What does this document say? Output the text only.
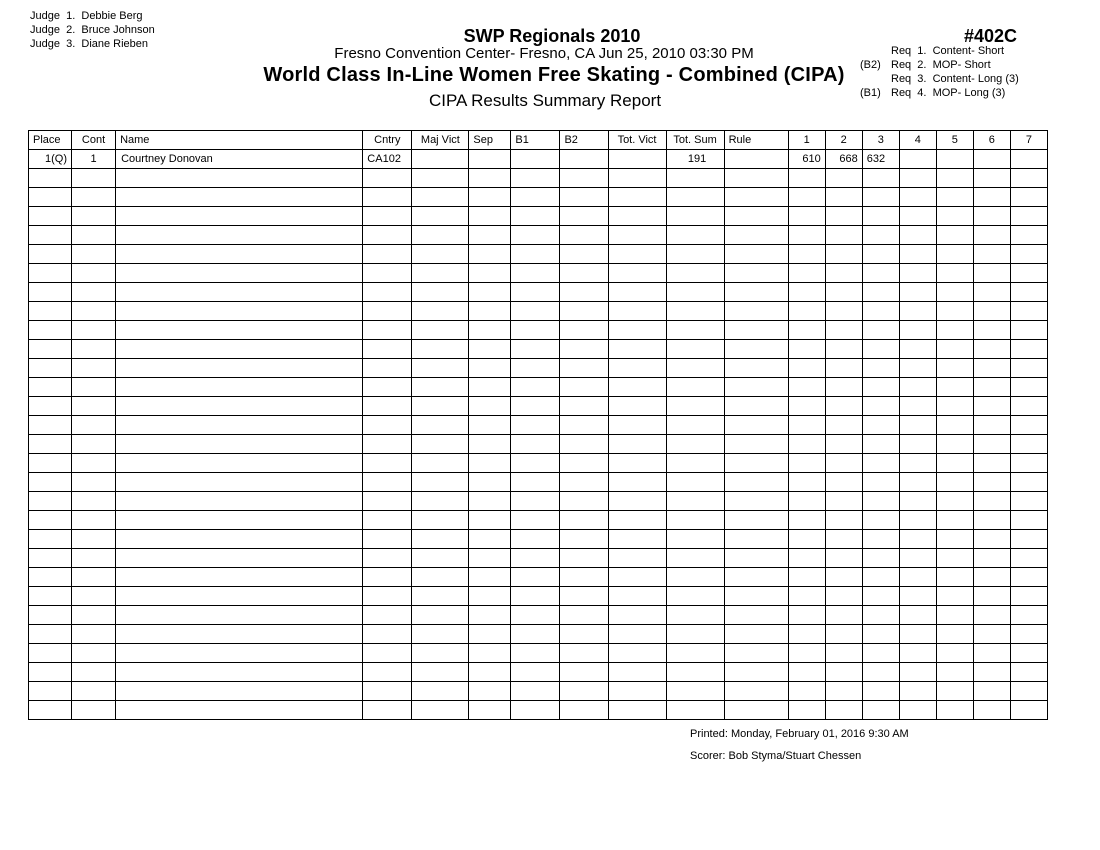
Judge  1.  Debbie Berg
Judge  2.  Bruce Johnson
Judge  3.  Diane Rieben	SWP Regionals 2010
Fresno Convention Center- Fresno, CA Jun 25, 2010 03:30 PM
World Class In-Line Women Free Skating - Combined (CIPA)
CIPA Results Summary Report
#402C
Req  1.  Content- Short
(B2) Req  2.  MOP- Short
Req  3.  Content- Long (3)
(B1) Req  4.  MOP- Long (3)
Place	Cont	Name	Cntry	Maj Vict	Sep	B1	B2	Tot. Vict	Tot. Sum	Rule	1	2	3	4	5	6	7
1(Q)	1	Courtney Donovan	CA102						191		610	668	632				

Printed: Monday, February 01, 2016 9:30 AM
Scorer: Bob Styma/Stuart Chessen
